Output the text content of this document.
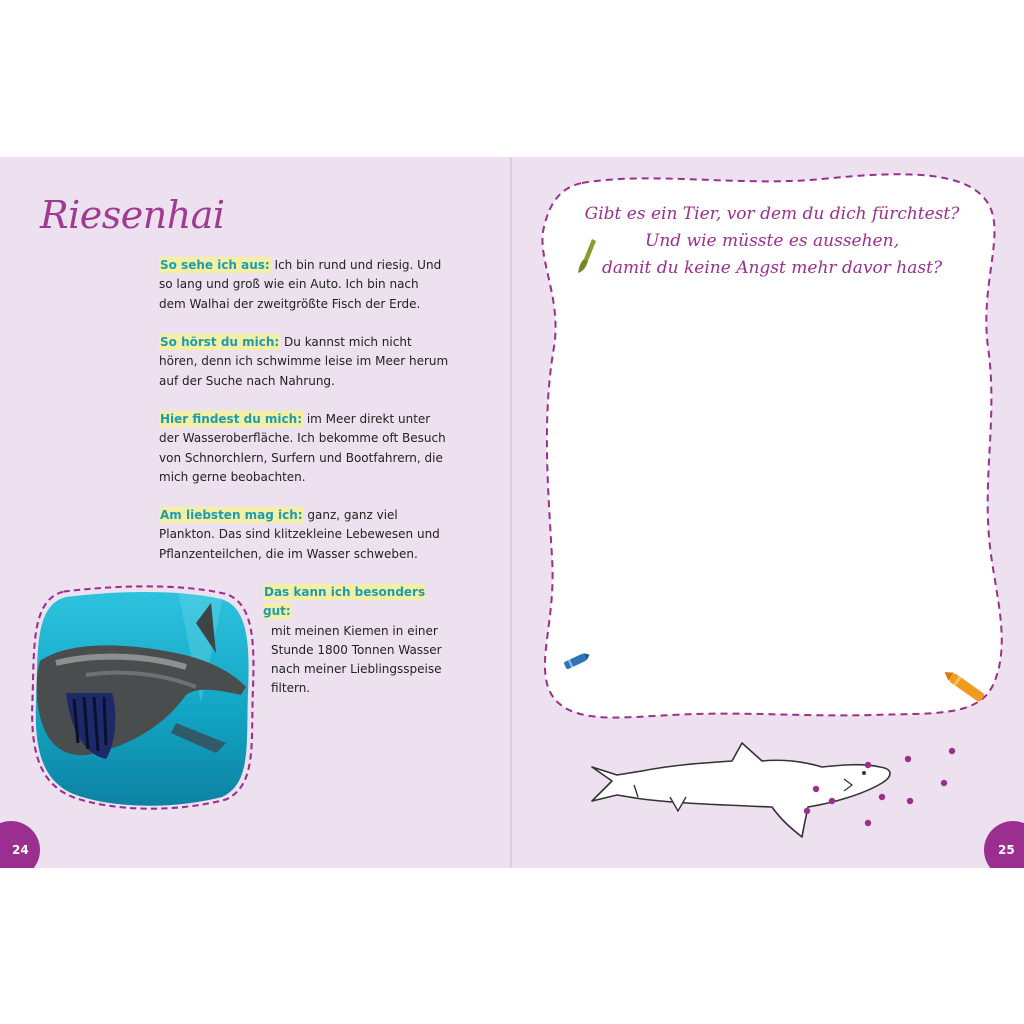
Riesenhai
So sehe ich aus: Ich bin rund und riesig. Und so lang und groß wie ein Auto. Ich bin nach dem Walhai der zweitgrößte Fisch der Erde.
So hörst du mich: Du kannst mich nicht hören, denn ich schwimme leise im Meer herum auf der Suche nach Nahrung.
Hier findest du mich: im Meer direkt unter der Wasseroberfläche. Ich bekomme oft Besuch von Schnorchlern, Surfern und Bootfahrern, die mich gerne beobachten.
Am liebsten mag ich: ganz, ganz viel Plankton. Das sind klitzekleine Lebewesen und Pflanzenteilchen, die im Wasser schweben.
Das kann ich besonders gut:
mit meinen Kiemen in einer Stunde 1800 Tonnen Wasser nach meiner Lieblingsspeise filtern.
24
Gibt es ein Tier, vor dem du dich fürchtest?
Und wie müsste es aussehen,
damit du keine Angst mehr davor hast?
25
